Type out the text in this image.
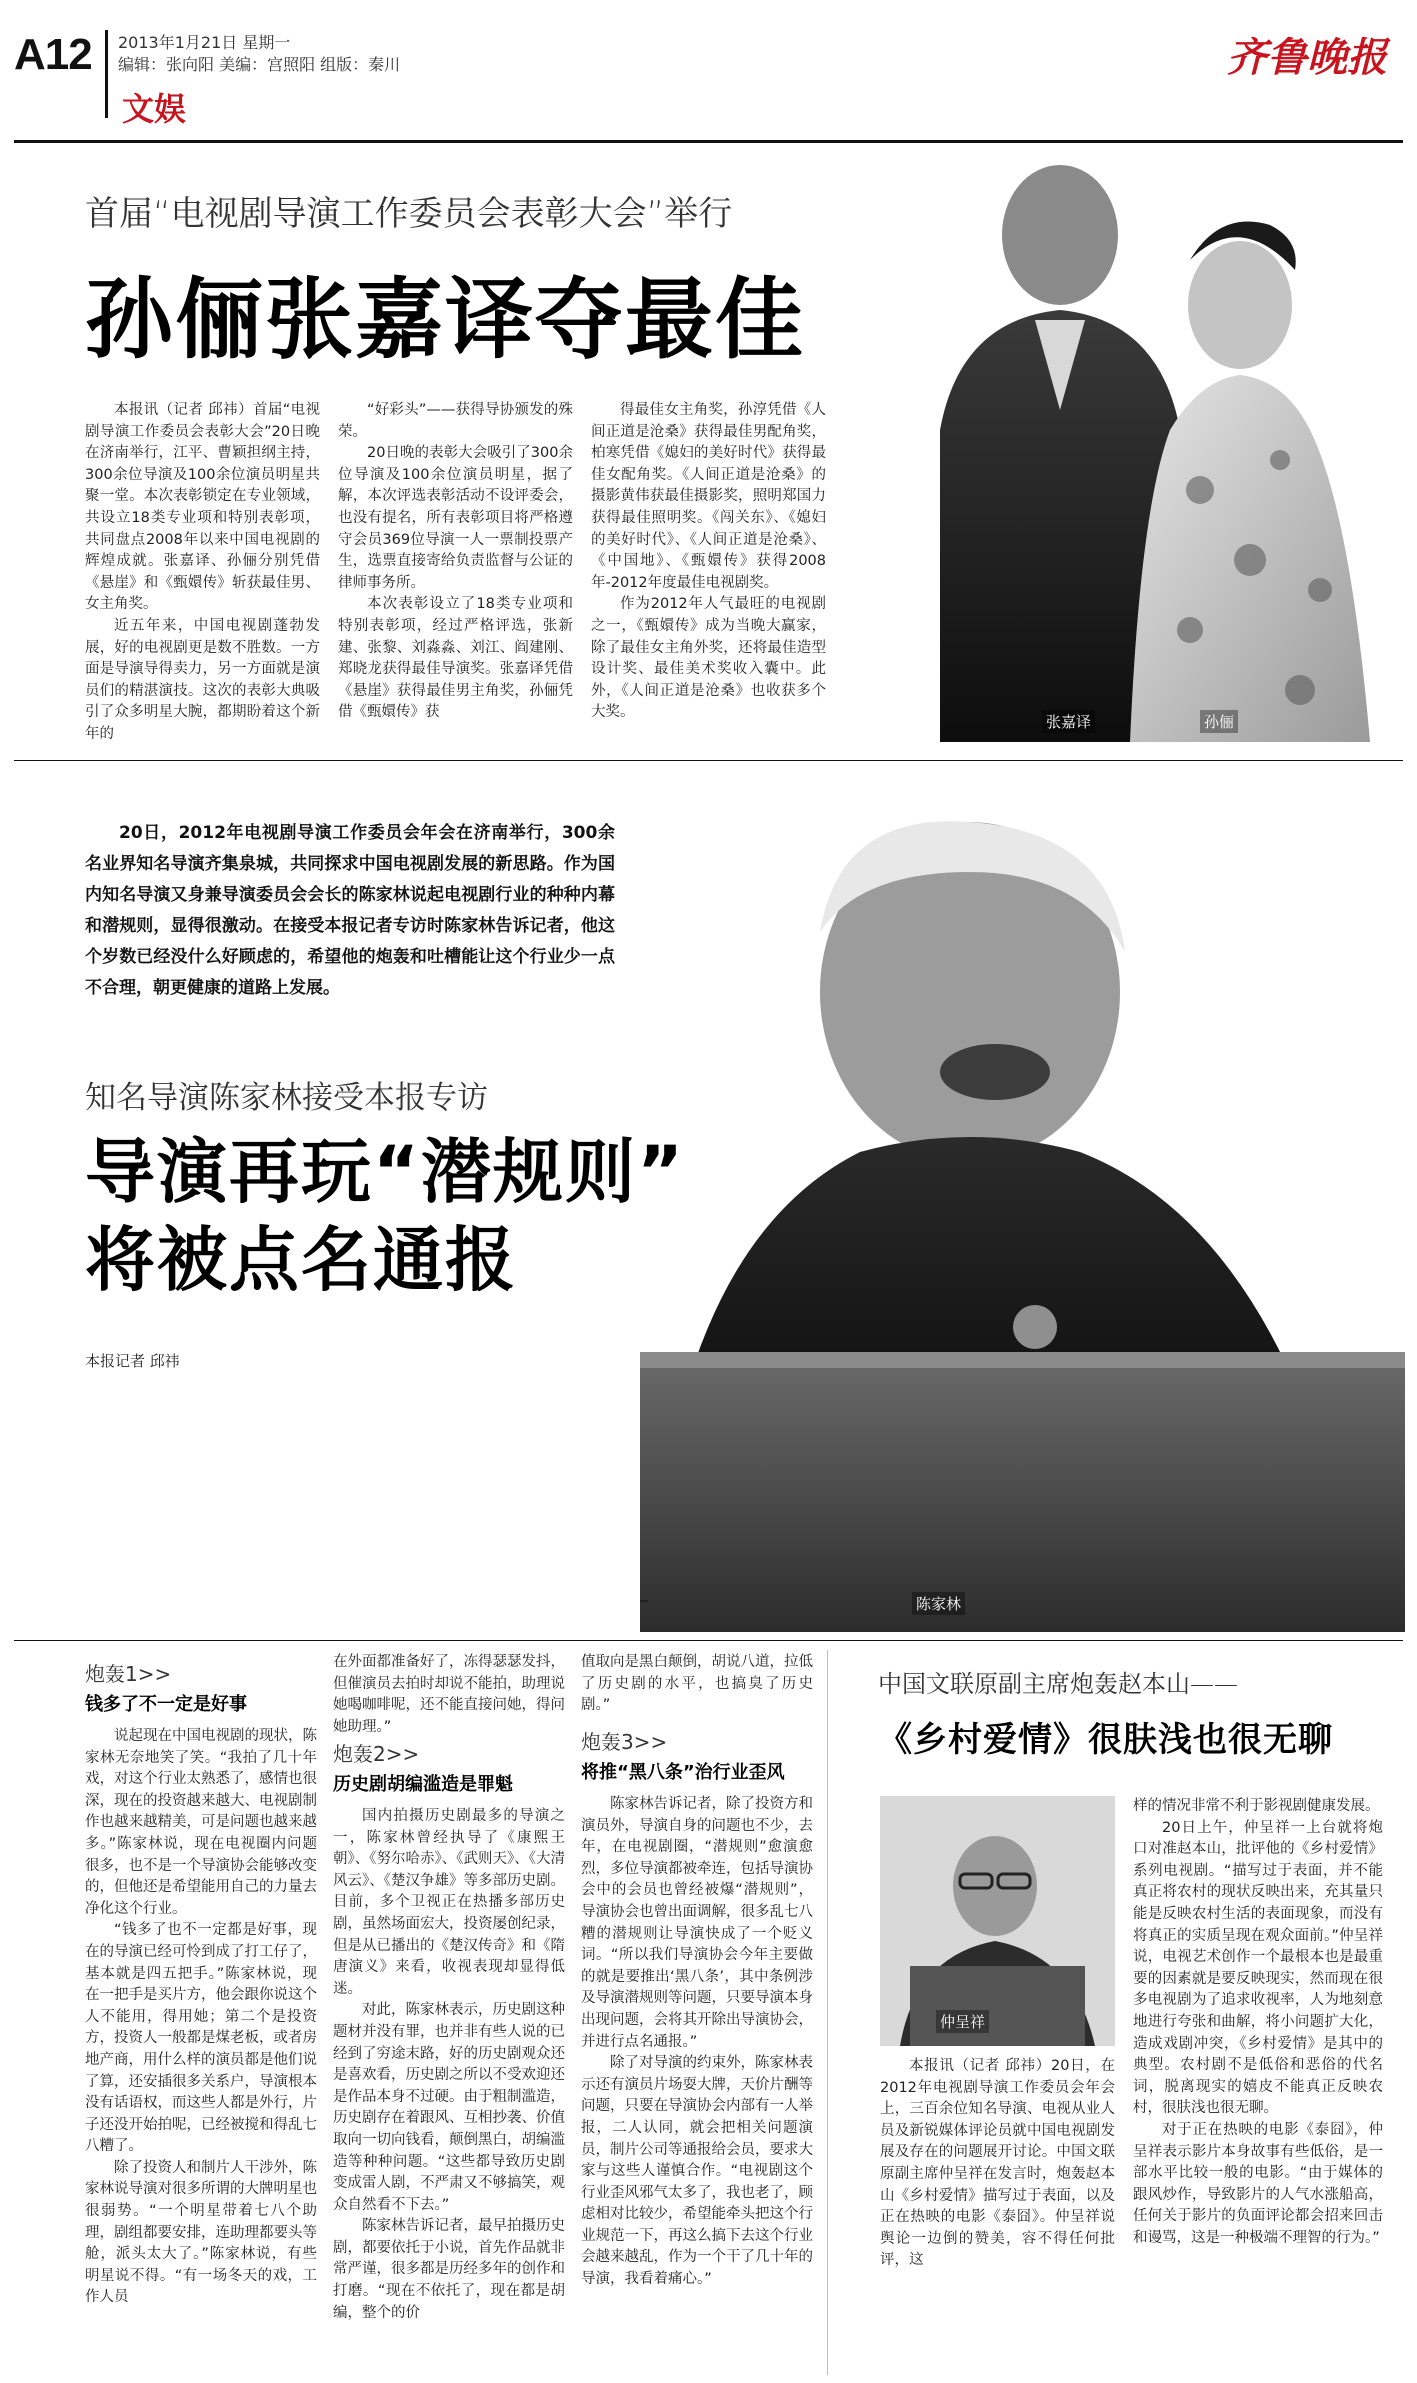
A12 2013年1月21日 星期一
编辑：张向阳 美编：宫照阳 组版：秦川
文娱
齐鲁晚报
首届“电视剧导演工作委员会表彰大会”举行
孙俪张嘉译夺最佳

本报讯（记者 邱祎）首届“电视剧导演工作委员会表彰大会”20日晚在济南举行，江平、曹颖担纲主持，300余位导演及100余位演员明星共聚一堂。本次表彰锁定在专业领域，共设立18类专业项和特别表彰项，共同盘点2008年以来中国电视剧的辉煌成就。张嘉译、孙俪分别凭借《悬崖》和《甄嬛传》斩获最佳男、女主角奖。

近五年来，中国电视剧蓬勃发展，好的电视剧更是数不胜数。一方面是导演导得卖力，另一方面就是演员们的精湛演技。这次的表彰大典吸引了众多明星大腕，都期盼着这个新年的

“好彩头”——获得导协颁发的殊荣。

20日晚的表彰大会吸引了300余位导演及100余位演员明星，据了解，本次评选表彰活动不设评委会，也没有提名，所有表彰项目将严格遵守会员369位导演一人一票制投票产生，选票直接寄给负责监督与公证的律师事务所。

本次表彰设立了18类专业项和特别表彰项，经过严格评选，张新建、张黎、刘淼淼、刘江、阎建刚、郑晓龙获得最佳导演奖。张嘉译凭借《悬崖》获得最佳男主角奖，孙俪凭借《甄嬛传》获

得最佳女主角奖，孙淳凭借《人间正道是沧桑》获得最佳男配角奖，柏寒凭借《媳妇的美好时代》获得最佳女配角奖。《人间正道是沧桑》的摄影黄伟获最佳摄影奖，照明郑国力获得最佳照明奖。《闯关东》、《媳妇的美好时代》、《人间正道是沧桑》、《中国地》、《甄嬛传》获得2008年-2012年度最佳电视剧奖。

作为2012年人气最旺的电视剧之一，《甄嬛传》成为当晚大赢家，除了最佳女主角外奖，还将最佳造型设计奖、最佳美术奖收入囊中。此外，《人间正道是沧桑》也收获多个大奖。

张嘉译	孙俪

20日，2012年电视剧导演工作委员会年会在济南举行，300余名业界知名导演齐集泉城，共同探求中国电视剧发展的新思路。作为国内知名导演又身兼导演委员会会长的陈家林说起电视剧行业的种种内幕和潜规则，显得很激动。在接受本报记者专访时陈家林告诉记者，他这个岁数已经没什么好顾虑的，希望他的炮轰和吐槽能让这个行业少一点不合理，朝更健康的道路上发展。

知名导演陈家林接受本报专访
导演再玩“潜规则”
将被点名通报
本报记者 邱祎
陈家林
炮轰1>>
钱多了不一定是好事

说起现在中国电视剧的现状，陈家林无奈地笑了笑。“我拍了几十年戏，对这个行业太熟悉了，感情也很深，现在的投资越来越大、电视剧制作也越来越精美，可是问题也越来越多。”陈家林说，现在电视圈内问题很多，也不是一个导演协会能够改变的，但他还是希望能用自己的力量去净化这个行业。

“钱多了也不一定都是好事，现在的导演已经可怜到成了打工仔了，基本就是四五把手。”陈家林说，现在一把手是买片方，他会跟你说这个人不能用，得用她；第二个是投资方，投资人一般都是煤老板，或者房地产商，用什么样的演员都是他们说了算，还安插很多关系户，导演根本没有话语权，而这些人都是外行，片子还没开始拍呢，已经被搅和得乱七八糟了。

除了投资人和制片人干涉外，陈家林说导演对很多所谓的大牌明星也很弱势。“一个明星带着七八个助理，剧组都要安排，连助理都要头等舱，派头太大了。”陈家林说，有些明星说不得。“有一场冬天的戏，工作人员

在外面都准备好了，冻得瑟瑟发抖，但催演员去拍时却说不能拍，助理说她喝咖啡呢，还不能直接问她，得问她助理。”

炮轰2>>
历史剧胡编滥造是罪魁

国内拍摄历史剧最多的导演之一，陈家林曾经执导了《康熙王朝》、《努尔哈赤》、《武则天》、《大清风云》、《楚汉争雄》等多部历史剧。目前，多个卫视正在热播多部历史剧，虽然场面宏大，投资屡创纪录，但是从已播出的《楚汉传奇》和《隋唐演义》来看，收视表现却显得低迷。

对此，陈家林表示，历史剧这种题材并没有罪，也并非有些人说的已经到了穷途末路，好的历史剧观众还是喜欢看，历史剧之所以不受欢迎还是作品本身不过硬。由于粗制滥造，历史剧存在着跟风、互相抄袭、价值取向一切向钱看，颠倒黑白，胡编滥造等种种问题。“这些都导致历史剧变成雷人剧，不严肃又不够搞笑，观众自然看不下去。”

陈家林告诉记者，最早拍摄历史剧，都要依托于小说，首先作品就非常严谨，很多都是历经多年的创作和打磨。“现在不依托了，现在都是胡编，整个的价

值取向是黑白颠倒，胡说八道，拉低了历史剧的水平，也搞臭了历史剧。”

炮轰3>>
将推“黑八条”治行业歪风

陈家林告诉记者，除了投资方和演员外，导演自身的问题也不少，去年，在电视剧圈，“潜规则”愈演愈烈，多位导演都被牵连，包括导演协会中的会员也曾经被爆“潜规则”，导演协会也曾出面调解，很多乱七八糟的潜规则让导演快成了一个贬义词。“所以我们导演协会今年主要做的就是要推出‘黑八条’，其中条例涉及导演潜规则等问题，只要导演本身出现问题，会将其开除出导演协会，并进行点名通报。”

除了对导演的约束外，陈家林表示还有演员片场耍大牌，天价片酬等问题，只要在导演协会内部有一人举报，二人认同，就会把相关问题演员，制片公司等通报给会员，要求大家与这些人谨慎合作。“电视剧这个行业歪风邪气太多了，我也老了，顾虑相对比较少，希望能牵头把这个行业规范一下，再这么搞下去这个行业会越来越乱，作为一个干了几十年的导演，我看着痛心。”

中国文联原副主席炮轰赵本山——
《乡村爱情》很肤浅也很无聊
仲呈祥

本报讯（记者 邱祎）20日，在2012年电视剧导演工作委员会年会上，三百余位知名导演、电视从业人员及新锐媒体评论员就中国电视剧发展及存在的问题展开讨论。中国文联原副主席仲呈祥在发言时，炮轰赵本山《乡村爱情》描写过于表面，以及正在热映的电影《泰囧》。仲呈祥说舆论一边倒的赞美，容不得任何批评，这

样的情况非常不利于影视剧健康发展。

20日上午，仲呈祥一上台就将炮口对准赵本山，批评他的《乡村爱情》系列电视剧。“描写过于表面，并不能真正将农村的现状反映出来，充其量只能是反映农村生活的表面现象，而没有将真正的实质呈现在观众面前。”仲呈祥说，电视艺术创作一个最根本也是最重要的因素就是要反映现实，然而现在很多电视剧为了追求收视率，人为地刻意地进行夸张和曲解，将小问题扩大化，造成戏剧冲突，《乡村爱情》是其中的典型。农村剧不是低俗和恶俗的代名词，脱离现实的嬉皮不能真正反映农村，很肤浅也很无聊。

对于正在热映的电影《泰囧》，仲呈祥表示影片本身故事有些低俗，是一部水平比较一般的电影。“由于媒体的跟风炒作，导致影片的人气水涨船高，任何关于影片的负面评论都会招来回击和谩骂，这是一种极端不理智的行为。”
